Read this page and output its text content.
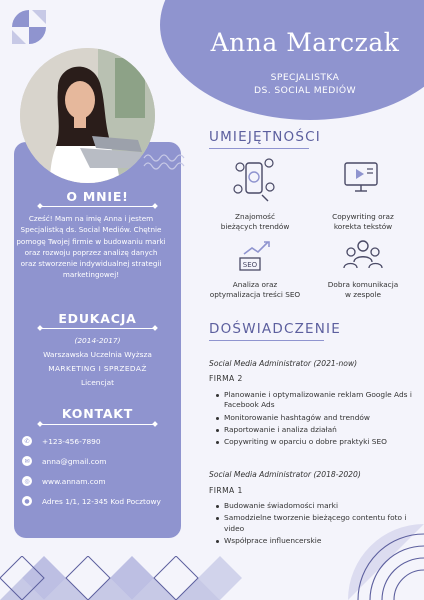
Anna Marczak
SPECJALISTKA
DS. SOCIAL MEDIÓW
O MNIE!
Cześć! Mam na imię Anna i jestem Specjalistką ds. Social Mediów. Chętnie pomogę Twojej firmie w budowaniu marki oraz rozwoju poprzez analizę danych oraz stworzenie indywidualnej strategii marketingowej!
EDUKACJA
(2014-2017)
Warszawska Uczelnia Wyższa
MARKETING I SPRZEDAŻ
Licencjat
KONTAKT
✆	+123-456-7890
✉	anna@gmail.com
◎	www.annam.com
●	Adres 1/1, 12-345 Kod Pocztowy
UMIEJĘTNOŚCI
Znajomość
bieżących trendów
Copywriting oraz
korekta tekstów
SEO
Analiza oraz
optymalizacja treści SEO
Dobra komunikacja
w zespole
DOŚWIADCZENIE
Social Media Administrator (2021-now)
FIRMA 2
Planowanie i optymalizowanie reklam Google Ads i Facebook Ads
Monitorowanie hashtagów and trendów
Raportowanie i analiza działań
Copywriting w oparciu o dobre praktyki SEO
Social Media Administrator (2018-2020)
FIRMA 1
Budowanie świadomości marki
Samodzielne tworzenie bieżącego contentu foto i video
Współprace influencerskie
